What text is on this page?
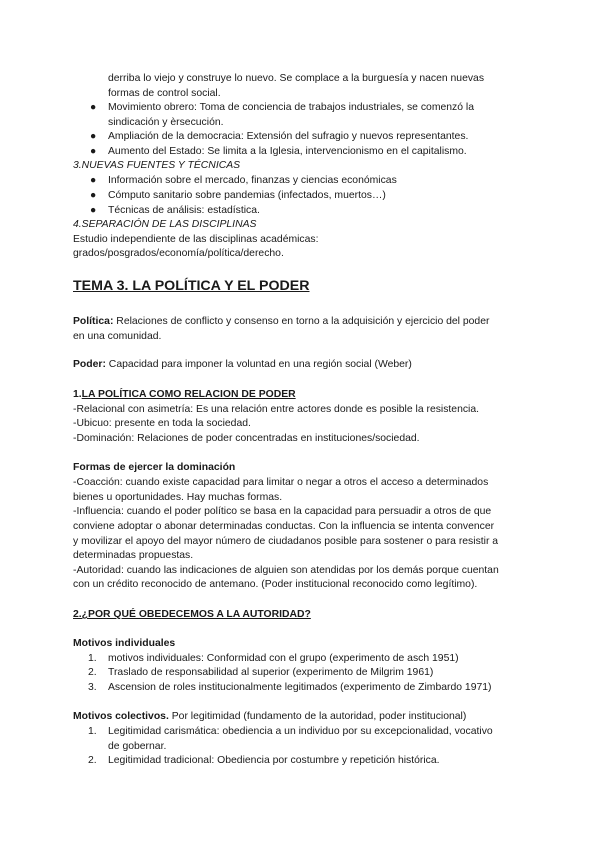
derriba lo viejo y construye lo nuevo. Se complace a la burguesía y nacen nuevas
formas de control social.
● Movimiento obrero: Toma de conciencia de trabajos industriales, se comenzó la
sindicación y èrsecución.
● Ampliación de la democracia: Extensión del sufragio y nuevos representantes.
● Aumento del Estado: Se limita a la Iglesia, intervencionismo en el capitalismo.
3.NUEVAS FUENTES Y TÉCNICAS
● Información sobre el mercado, finanzas y ciencias económicas
● Cómputo sanitario sobre pandemias (infectados, muertos…)
● Técnicas de análisis: estadística.
4.SEPARACIÓN DE LAS DISCIPLINAS
Estudio independiente de las disciplinas académicas:
grados/posgrados/economía/política/derecho.
TEMA 3. LA POLÍTICA Y EL PODER
Política: Relaciones de conflicto y consenso en torno a la adquisición y ejercicio del poder
en una comunidad.
Poder: Capacidad para imponer la voluntad en una región social (Weber)
1.LA POLÍTICA COMO RELACION DE PODER
-Relacional con asimetría: Es una relación entre actores donde es posible la resistencia.
-Ubicuo: presente en toda la sociedad.
-Dominación: Relaciones de poder concentradas en instituciones/sociedad.
Formas de ejercer la dominación
-Coacción: cuando existe capacidad para limitar o negar a otros el acceso a determinados
bienes u oportunidades. Hay muchas formas.
-Influencia: cuando el poder político se basa en la capacidad para persuadir a otros de que
conviene adoptar o abonar determinadas conductas. Con la influencia se intenta convencer
y movilizar el apoyo del mayor número de ciudadanos posible para sostener o para resistir a
determinadas propuestas.
-Autoridad: cuando las indicaciones de alguien son atendidas por los demás porque cuentan
con un crédito reconocido de antemano. (Poder institucional reconocido como legítimo).
2.¿POR QUÉ OBEDECEMOS A LA AUTORIDAD?
Motivos individuales
1. motivos individuales: Conformidad con el grupo (experimento de asch 1951)
2. Traslado de responsabilidad al superior (experimento de Milgrim 1961)
3. Ascension de roles institucionalmente legitimados (experimento de Zimbardo 1971)
Motivos colectivos. Por legitimidad (fundamento de la autoridad, poder institucional)
1. Legitimidad carismática: obediencia a un individuo por su excepcionalidad, vocativo
de gobernar.
2. Legitimidad tradicional: Obediencia por costumbre y repetición histórica.
